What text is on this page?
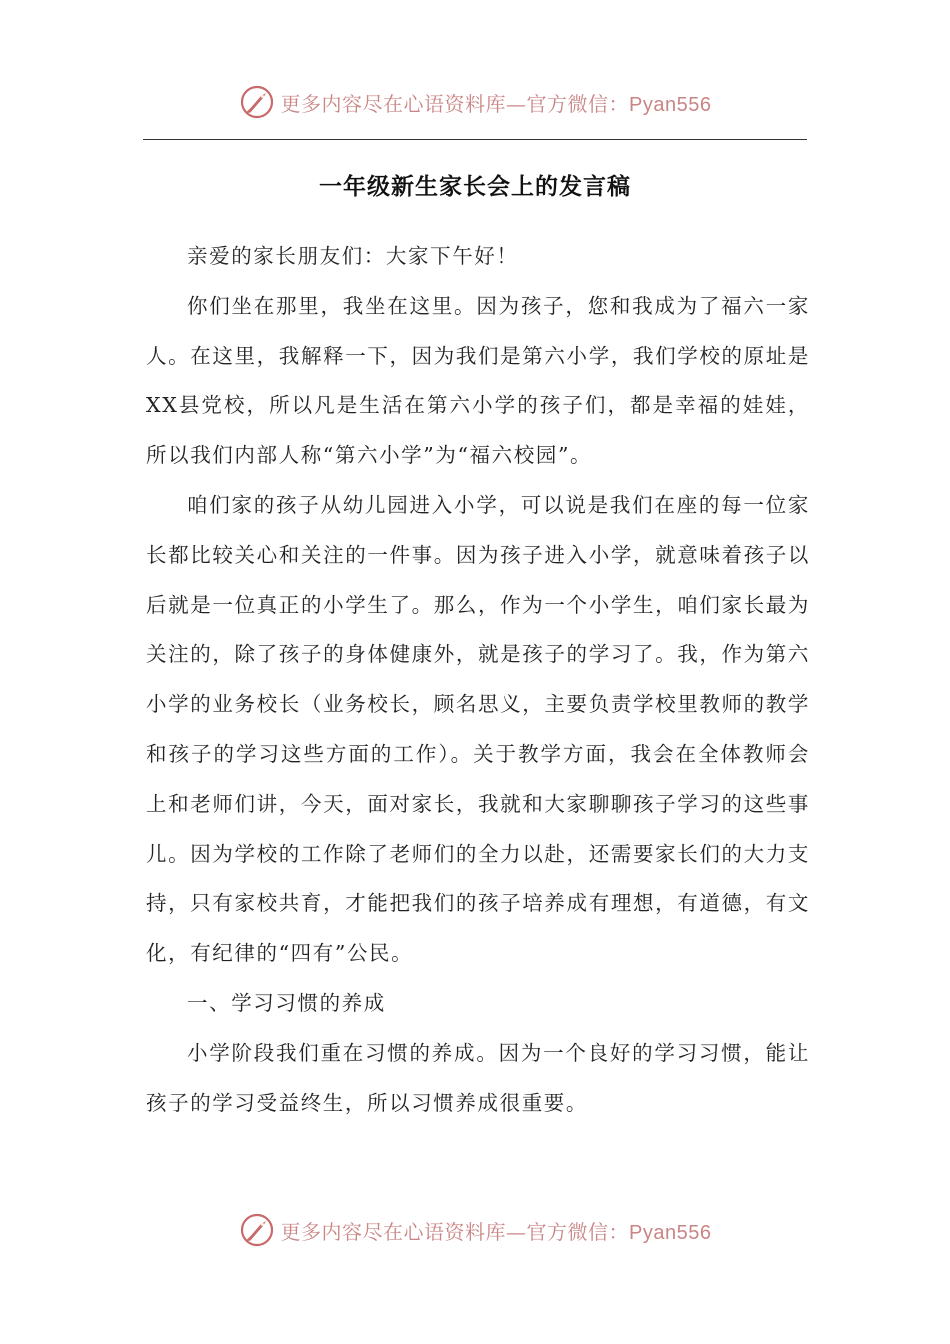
更多内容尽在心语资料库—官方微信：Pyan556
一年级新生家长会上的发言稿

亲爱的家长朋友们：大家下午好！

你们坐在那里，我坐在这里。因为孩子，您和我成为了福六一家人。在这里，我解释一下，因为我们是第六小学，我们学校的原址是XX县党校，所以凡是生活在第六小学的孩子们，都是幸福的娃娃，所以我们内部人称“第六小学”为“福六校园”。

咱们家的孩子从幼儿园进入小学，可以说是我们在座的每一位家长都比较关心和关注的一件事。因为孩子进入小学，就意味着孩子以后就是一位真正的小学生了。那么，作为一个小学生，咱们家长最为关注的，除了孩子的身体健康外，就是孩子的学习了。我，作为第六小学的业务校长（业务校长，顾名思义，主要负责学校里教师的教学和孩子的学习这些方面的工作）。关于教学方面，我会在全体教师会上和老师们讲，今天，面对家长，我就和大家聊聊孩子学习的这些事儿。因为学校的工作除了老师们的全力以赴，还需要家长们的大力支持，只有家校共育，才能把我们的孩子培养成有理想，有道德，有文化，有纪律的“四有”公民。

一、学习习惯的养成

小学阶段我们重在习惯的养成。因为一个良好的学习习惯，能让孩子的学习受益终生，所以习惯养成很重要。

更多内容尽在心语资料库—官方微信：Pyan556
